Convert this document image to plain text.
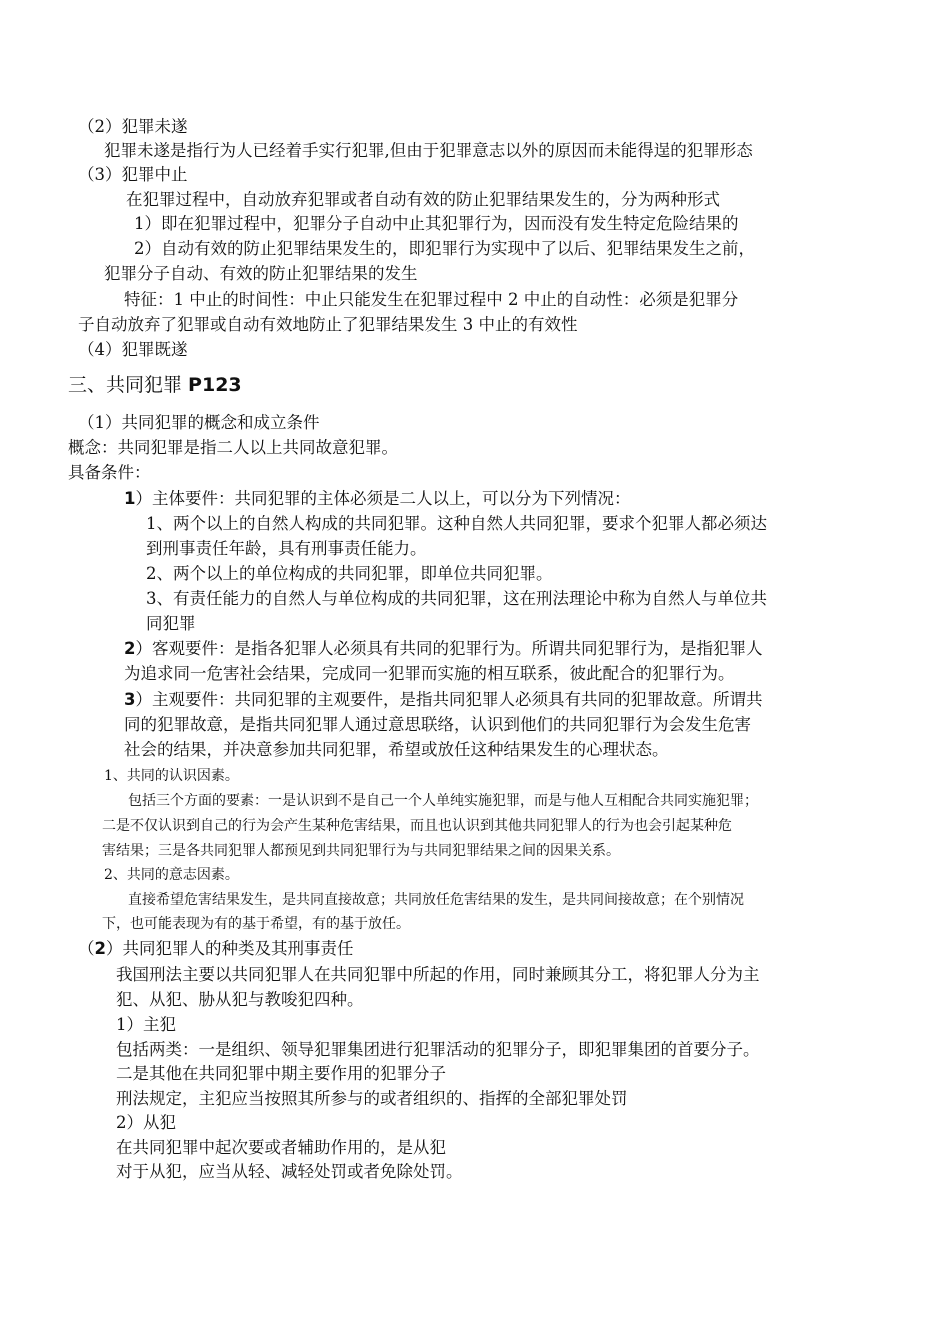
（2）犯罪未遂
犯罪未遂是指行为人已经着手实行犯罪,但由于犯罪意志以外的原因而未能得逞的犯罪形态
（3）犯罪中止
在犯罪过程中，自动放弃犯罪或者自动有效的防止犯罪结果发生的，分为两种形式
1）即在犯罪过程中，犯罪分子自动中止其犯罪行为，因而没有发生特定危险结果的
2）自动有效的防止犯罪结果发生的，即犯罪行为实现中了以后、犯罪结果发生之前，
犯罪分子自动、有效的防止犯罪结果的发生
特征：1 中止的时间性：中止只能发生在犯罪过程中 2 中止的自动性：必须是犯罪分
子自动放弃了犯罪或自动有效地防止了犯罪结果发生 3 中止的有效性
（4）犯罪既遂
三、共同犯罪 P123
（1）共同犯罪的概念和成立条件
概念：共同犯罪是指二人以上共同故意犯罪。
具备条件：
1）主体要件：共同犯罪的主体必须是二人以上，可以分为下列情况：
1、两个以上的自然人构成的共同犯罪。这种自然人共同犯罪，要求个犯罪人都必须达
到刑事责任年龄，具有刑事责任能力。
2、两个以上的单位构成的共同犯罪，即单位共同犯罪。
3、有责任能力的自然人与单位构成的共同犯罪，这在刑法理论中称为自然人与单位共
同犯罪
2）客观要件：是指各犯罪人必须具有共同的犯罪行为。所谓共同犯罪行为，是指犯罪人
为追求同一危害社会结果，完成同一犯罪而实施的相互联系，彼此配合的犯罪行为。
3）主观要件：共同犯罪的主观要件，是指共同犯罪人必须具有共同的犯罪故意。所谓共
同的犯罪故意，是指共同犯罪人通过意思联络，认识到他们的共同犯罪行为会发生危害
社会的结果，并决意参加共同犯罪，希望或放任这种结果发生的心理状态。
1、共同的认识因素。
包括三个方面的要素：一是认识到不是自己一个人单纯实施犯罪，而是与他人互相配合共同实施犯罪；
二是不仅认识到自己的行为会产生某种危害结果，而且也认识到其他共同犯罪人的行为也会引起某种危
害结果；三是各共同犯罪人都预见到共同犯罪行为与共同犯罪结果之间的因果关系。
2、共同的意志因素。
直接希望危害结果发生，是共同直接故意；共同放任危害结果的发生，是共同间接故意；在个别情况
下，也可能表现为有的基于希望，有的基于放任。
（2）共同犯罪人的种类及其刑事责任
我国刑法主要以共同犯罪人在共同犯罪中所起的作用，同时兼顾其分工，将犯罪人分为主
犯、从犯、胁从犯与教唆犯四种。
1）主犯
包括两类：一是组织、领导犯罪集团进行犯罪活动的犯罪分子，即犯罪集团的首要分子。
二是其他在共同犯罪中期主要作用的犯罪分子
刑法规定，主犯应当按照其所参与的或者组织的、指挥的全部犯罪处罚
2）从犯
在共同犯罪中起次要或者辅助作用的，是从犯
对于从犯，应当从轻、减轻处罚或者免除处罚。
